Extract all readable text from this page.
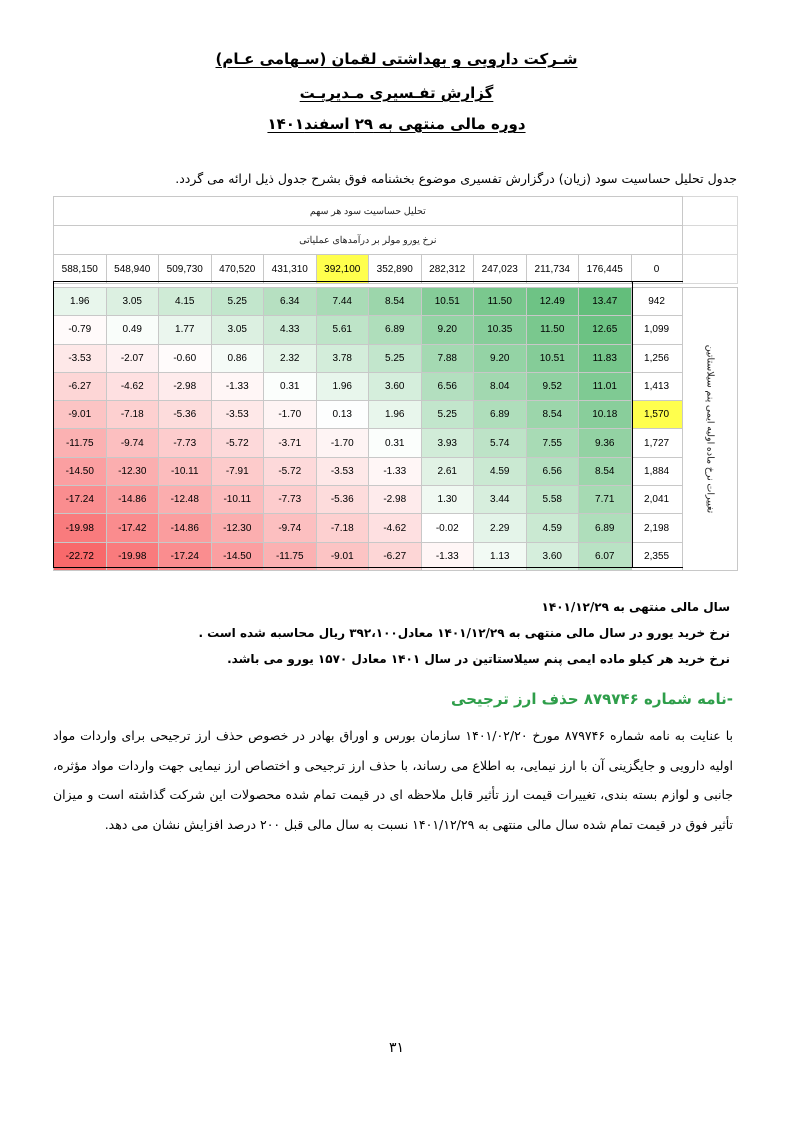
شـرکت دارویی و بهداشتی لقمان (سـهامی عـام)
گزارش تفـسیری مـدیریـت
دوره مالی منتهی به ۲۹ اسفند۱۴۰۱
جدول تحلیل حساسیت سود (زیان) درگزارش تفسیری موضوع بخشنامه فوق بشرح جدول ذیل ارائه می گردد.
تحلیل حساسیت سود هر سهم												
نرخ یورو مولر بر درآمدهای عملیاتی												
588,150	548,940	509,730	470,520	431,310	392,100	352,890	282,312	247,023	211,734	176,445	0	

1.96	3.05	4.15	5.25	6.34	7.44	8.54	10.51	11.50	12.49	13.47	942	تغییرات نرخ ماده اولیه ایمی پنم سیلاستاتین

-0.79	0.49	1.77	3.05	4.33	5.61	6.89	9.20	10.35	11.50	12.65	1,099	
-3.53	-2.07	-0.60	0.86	2.32	3.78	5.25	7.88	9.20	10.51	11.83	1,256	
-6.27	-4.62	-2.98	-1.33	0.31	1.96	3.60	6.56	8.04	9.52	11.01	1,413	
-9.01	-7.18	-5.36	-3.53	-1.70	0.13	1.96	5.25	6.89	8.54	10.18	1,570	
-11.75	-9.74	-7.73	-5.72	-3.71	-1.70	0.31	3.93	5.74	7.55	9.36	1,727	
-14.50	-12.30	-10.11	-7.91	-5.72	-3.53	-1.33	2.61	4.59	6.56	8.54	1,884	
-17.24	-14.86	-12.48	-10.11	-7.73	-5.36	-2.98	1.30	3.44	5.58	7.71	2,041	
-19.98	-17.42	-14.86	-12.30	-9.74	-7.18	-4.62	-0.02	2.29	4.59	6.89	2,198	
-22.72	-19.98	-17.24	-14.50	-11.75	-9.01	-6.27	-1.33	1.13	3.60	6.07	2,355	
سال مالی منتهی به ۱۴۰۱/۱۲/۲۹
نرخ خرید یورو در سال مالی منتهی به ۱۴۰۱/۱۲/۲۹ معادل۳۹۲،۱۰۰ ریال محاسبه شده است .
نرخ خرید هر کیلو ماده ایمی پنم سیلاستاتین در سال ۱۴۰۱ معادل ۱۵۷۰ یورو می باشد.
-نامه شماره ۸۷۹۷۴۶ حذف ارز ترجیحی
با عنایت به نامه شماره ۸۷۹۷۴۶ مورخ ۱۴۰۱/۰۲/۲۰ سازمان بورس و اوراق بهادر در خصوص حذف ارز ترجیحی برای واردات مواد اولیه دارویی و جایگزینی آن با ارز نیمایی، به اطلاع می رساند، با حذف ارز ترجیحی و اختصاص ارز نیمایی جهت واردات مواد مؤثره، جانبی و لوازم بسته بندی، تغییرات قیمت ارز تأثیر قابل ملاحظه ای در قیمت تمام شده محصولات این شرکت گذاشته است و میزان تأثیر فوق در قیمت تمام شده سال مالی منتهی به ۱۴۰۱/۱۲/۲۹ نسبت به سال مالی قبل ۲۰۰ درصد افزایش نشان می دهد.
۳۱
